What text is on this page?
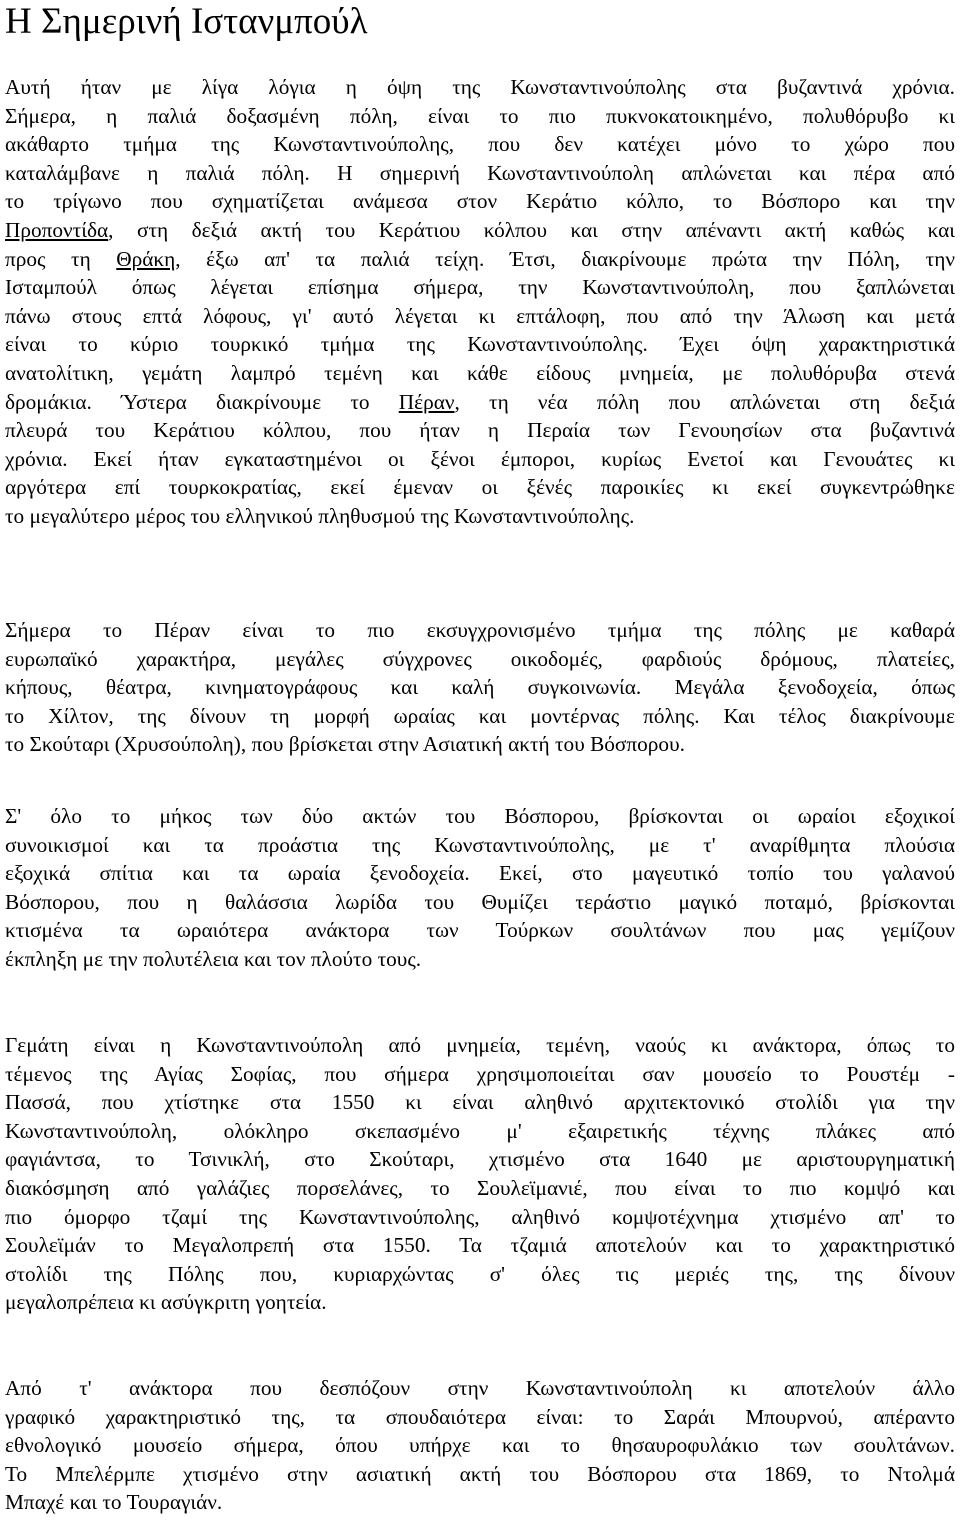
Η Σημερινή Ιστανμπούλ
Αυτή ήταν με λίγα λόγια η όψη της Κωνσταντινούπολης στα βυζαντινά χρόνια.
Σήμερα, η παλιά δοξασμένη πόλη, είναι το πιο πυκνοκατοικημένο, πολυθόρυβο κι
ακάθαρτο τμήμα της Κωνσταντινούπολης, που δεν κατέχει μόνο το χώρο που
καταλάμβανε η παλιά πόλη. Η σημερινή Κωνσταντινούπολη απλώνεται και πέρα από
το τρίγωνο που σχηματίζεται ανάμεσα στον Κεράτιο κόλπο, το Βόσπορο και την
Προποντίδα, στη δεξιά ακτή του Κεράτιου κόλπου και στην απέναντι ακτή καθώς και
προς τη Θράκη, έξω απ' τα παλιά τείχη. Έτσι, διακρίνουμε πρώτα την Πόλη, την
Ισταμπούλ όπως λέγεται επίσημα σήμερα, την Κωνσταντινούπολη, που ξαπλώνεται
πάνω στους επτά λόφους, γι' αυτό λέγεται κι επτάλοφη, που από την Άλωση και μετά
είναι το κύριο τουρκικό τμήμα της Κωνσταντινούπολης. Έχει όψη χαρακτηριστικά
ανατολίτικη, γεμάτη λαμπρό τεμένη και κάθε είδους μνημεία, με πολυθόρυβα στενά
δρομάκια. Ύστερα διακρίνουμε το Πέραν, τη νέα πόλη που απλώνεται στη δεξιά
πλευρά του Κεράτιου κόλπου, που ήταν η Περαία των Γενουησίων στα βυζαντινά
χρόνια. Εκεί ήταν εγκαταστημένοι οι ξένοι έμποροι, κυρίως Ενετοί και Γενουάτες κι
αργότερα επί τουρκοκρατίας, εκεί έμεναν οι ξένές παροικίες κι εκεί συγκεντρώθηκε
το μεγαλύτερο μέρος του ελληνικού πληθυσμού της Κωνσταντινούπολης.
Σήμερα το Πέραν είναι το πιο εκσυγχρονισμένο τμήμα της πόλης με καθαρά
ευρωπαϊκό χαρακτήρα, μεγάλες σύγχρονες οικοδομές, φαρδιούς δρόμους, πλατείες,
κήπους, θέατρα, κινηματογράφους και καλή συγκοινωνία. Μεγάλα ξενοδοχεία, όπως
το Χίλτον, της δίνουν τη μορφή ωραίας και μοντέρνας πόλης. Και τέλος διακρίνουμε
το Σκούταρι (Χρυσούπολη), που βρίσκεται στην Ασιατική ακτή του Βόσπορου.
Σ' όλο το μήκος των δύο ακτών του Βόσπορου, βρίσκονται οι ωραίοι εξοχικοί
συνοικισμοί και τα προάστια της Κωνσταντινούπολης, με τ' αναρίθμητα πλούσια
εξοχικά σπίτια και τα ωραία ξενοδοχεία. Εκεί, στο μαγευτικό τοπίο του γαλανού
Βόσπορου, που η θαλάσσια λωρίδα του Θυμίζει τεράστιο μαγικό ποταμό, βρίσκονται
κτισμένα τα ωραιότερα ανάκτορα των Τούρκων σουλτάνων που μας γεμίζουν
έκπληξη με την πολυτέλεια και τον πλούτο τους.
Γεμάτη είναι η Κωνσταντινούπολη από μνημεία, τεμένη, ναούς κι ανάκτορα, όπως το
τέμενος της Αγίας Σοφίας, που σήμερα χρησιμοποιείται σαν μουσείο το Ρουστέμ -
Πασσά, που χτίστηκε στα 1550 κι είναι αληθινό αρχιτεκτονικό στολίδι για την
Κωνσταντινούπολη, ολόκληρο σκεπασμένο μ' εξαιρετικής τέχνης πλάκες από
φαγιάντσα, το Τσινικλή, στο Σκούταρι, χτισμένο στα 1640 με αριστουργηματική
διακόσμηση από γαλάζιες πορσελάνες, το Σουλεϊμανιέ, που είναι το πιο κομψό και
πιο όμορφο τζαμί της Κωνσταντινούπολης, αληθινό κομψοτέχνημα χτισμένο απ' το
Σουλεϊμάν το Μεγαλοπρεπή στα 1550. Τα τζαμιά αποτελούν και το χαρακτηριστικό
στολίδι της Πόλης που, κυριαρχώντας σ' όλες τις μεριές της, της δίνουν
μεγαλοπρέπεια κι ασύγκριτη γοητεία.
Από τ' ανάκτορα που δεσπόζουν στην Κωνσταντινούπολη κι αποτελούν άλλο
γραφικό χαρακτηριστικό της, τα σπουδαιότερα είναι: το Σαράι Μπουρνού, απέραντο
εθνολογικό μουσείο σήμερα, όπου υπήρχε και το θησαυροφυλάκιο των σουλτάνων.
Το Μπελέρμπε χτισμένο στην ασιατική ακτή του Βόσπορου στα 1869, το Ντολμά
Μπαχέ και το Τουραγιάν.
